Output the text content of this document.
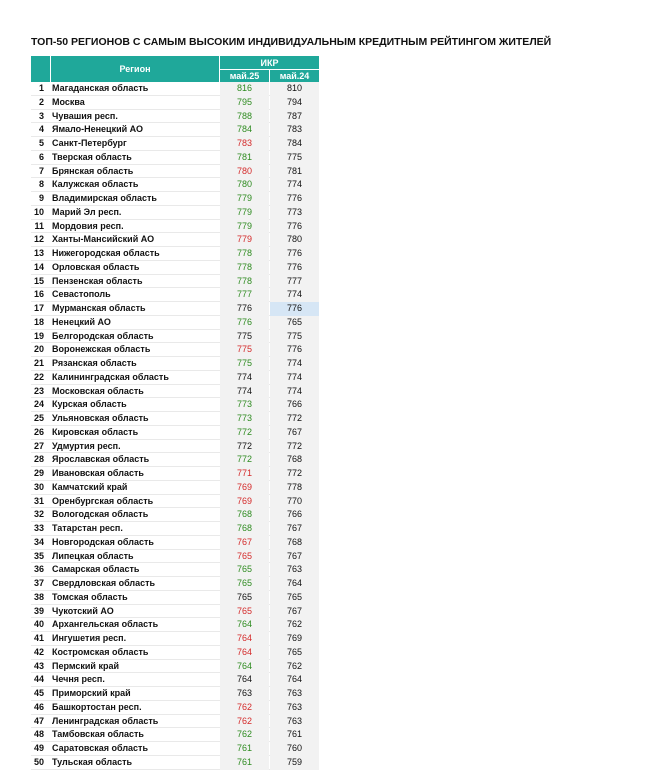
ТОП-50 РЕГИОНОВ С САМЫМ ВЫСОКИМ ИНДИВИДУАЛЬНЫМ КРЕДИТНЫМ РЕЙТИНГОМ ЖИТЕЛЕЙ
Регион
ИКР
май.25	май.24
1 Магаданская область	816	810
2 Москва	795	794
3 Чувашия респ.	788	787
4 Ямало-Ненецкий АО	784	783
5 Санкт-Петербург	783	784
6 Тверская область	781	775
7 Брянская область	780	781
8 Калужская область	780	774
9 Владимирская область	779	776
10 Марий Эл респ.	779	773
11 Мордовия респ.	779	776
12 Ханты-Мансийский АО	779	780
13 Нижегородская область	778	776
14 Орловская область	778	776
15 Пензенская область	778	777
16 Севастополь	777	774
17 Мурманская область	776	776
18 Ненецкий АО	776	765
19 Белгородская область	775	775
20 Воронежская область	775	776
21 Рязанская область	775	774
22 Калининградская область	774	774
23 Московская область	774	774
24 Курская область	773	766
25 Ульяновская область	773	772
26 Кировская область	772	767
27 Удмуртия респ.	772	772
28 Ярославская область	772	768
29 Ивановская область	771	772
30 Камчатский край	769	778
31 Оренбургская область	769	770
32 Вологодская область	768	766
33 Татарстан респ.	768	767
34 Новгородская область	767	768
35 Липецкая область	765	767
36 Самарская область	765	763
37 Свердловская область	765	764
38 Томская область	765	765
39 Чукотский АО	765	767
40 Архангельская область	764	762
41 Ингушетия респ.	764	769
42 Костромская область	764	765
43 Пермский край	764	762
44 Чечня респ.	764	764
45 Приморский край	763	763
46 Башкортостан респ.	762	763
47 Ленинградская область	762	763
48 Тамбовская область	762	761
49 Саратовская область	761	760
50 Тульская область	761	759
